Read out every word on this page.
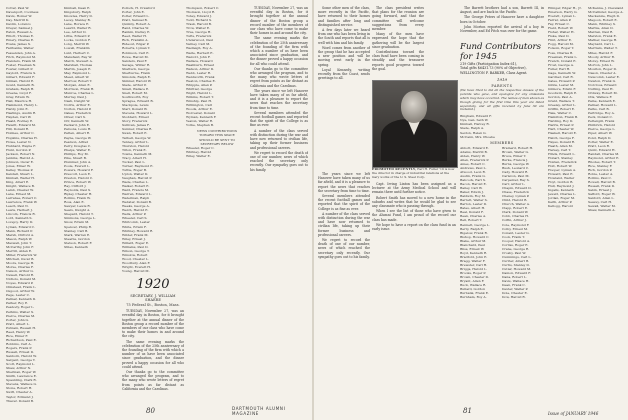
Cotter, Paul W.
Davenport, Coolness
Davis, Homer W.
Day, Merritt K.
Devlin, Lorenzo
Dreyer, Samuel J.
Eaton, Russell A.
Elliott, Thomas E.
Emery, Charles E.
Evans, James S.
Fairbanks, Walter
Fessenden, John A.
Fitch, Raymond M.
Flanders, Frank M.
Foster, Freeman N.
Fowler, Gilbert P.
Gaylord, Francis S.
Gilbert, Edward F.
Gilman, Harold E.
Gould, Kenneth B.
Graham, Ralph H.
Greene, Lloyd F.
Gray, Edwin W.
Hall, Maurice H.
Hammond, Henry L.
Hardy, John E.
Hastings, Austin R.
Hayden, Carl W.
Heald, Rodney E.
Hewitt, Edward M.
Hill, Donald R.
Holmes, Arthur C.
Hopkins, Charles H.
Howe, Lester N.
Hubbard, Wayne F.
Hunt, Gordon P.
Jackson, Robert N.
Jenkins, Harold A.
Johnson, Oscar E.
Jones, Elmer W.
Kelley, Thomas P.
Kendall, Stuart L.
Kimball, Walter H.
King, Albert E.
Knight, Wallace B.
Lamb, Chester W.
Lane, Ernest M.
Larrabee, Robert C.
Lawrence, Frank W.
Leach, Paul N.
Lewis, Herbert J.
Lincoln, Francis R.
Lord, Kenneth S.
Lovejoy, Harry D.
Lyman, Edward C.
Mann, Richard P.
Marsh, Clifford A.
Mason, Ralph W.
Maxwell, John T.
McCarthy, John F.
Merrill, Alden E.
Miller, Frederick W.
Mitchell, Oscar B.
Moore, George H.
Morse, Charles F.
Nelson, Arthur G.
Newell, Harold R.
Nichols, Donald M.
Noyes, Edward P.
Olmstead, Frank L.
Osgood, Arthur W.
Page, Lester C.
Palmer, Kenneth D.
Parker, Roy E.
Peabody, Roger L.
Perkins, Walter S.
Pierce, Charles M.
Porter, John G.
Pratt, Albert L.
Putnam, Russell H.
Reed, Henry W.
Rice, Elmer F.
Richardson, Paul E.
Robbins, Carl A.
Rogers, Frank P.
Russell, Ernest D.
Sanborn, Harold W.
Sargent, George T.
Scott, Raymond L.
Shaw, Arthur N.
Sherman, Roger W.
Smith, Lawrence E.
Spaulding, Clark R.
Stevens, Wallace G.
Stone, Robert H.
Swift, Chester A.
Taylor, Edmund J.
Thayer, Donald B.
Kimball, Dean E.
Kingsbury, Ralph
Knowles, Harry D.
Lacey, Stanley B.
Lane, Horace E.
Leavitt, Walter R.
Lee, Arthur D.
Little, Edward P.
Locke, Gordon F.
Long, Merrill W.
Lowell, Franklin
Lunt, Herbert C.
Mansfield, Ray W.
March, Stewart A.
Marshall, Thomas
Martin, Joseph E.
May, Raymond L.
Mead, Albert W.
Merrow, Robert T.
Morgan, Allen E.
Morrison, Frank H.
Munroe, Charles L.
Murray, Paul J.
Nash, Dwight W.
Norris, Arthur E.
Norton, Harold P.
Oakes, Frederick
Oliver, Carl S.
Orr, Kenneth W.
Packard, John E.
Parsons, Louis H.
Patten, Albert R.
Payne, George W.
Pearson, Alfred
Perry, Douglas C.
Phelps, Walter E.
Phillips, Roy M.
Pike, Stuart B.
Plummer, John A.
Poole, Everett L.
Powers, Howard F.
Prescott, Leon E.
Preston, Harold C.
Prince, Robert W.
Ray, Clifford J.
Reynolds, Paul S.
Ripley, Chester H.
Rollins, Frank W.
Ross, Alan E.
Sawyer, Lewis R.
Sears, Dwight A.
Shepard, Harold T.
Simmons, George L.
Snow, Edwin M.
Spencer, Philip R.
Stanley, Carl B.
Stark, Warren E.
Stearns, Gordon
Stetson, Robert F.
Stiles, Kenneth
Pollock, H. Crawford
Porter, John E.
Potter, Edward L.
Pratt, Samuel B.
Quimby, Robert A.
Rand, Charles W.
Rankin, Dudley E.
Reed, Walter H.
Rich, Franklin A.
Rideout, Edgar P.
Roberts, Lyman T.
Robinson, Carl E.
Rowe, Harold M.
Sanders, Paul F.
Savage, Wilbur R.
Shattuck, George
Sherburne, Frank
Simonds, Ralph E.
Skinner, Harold W.
Slade, Arthur P.
Small, Wallace E.
Snell, Robert M.
Southworth, Roy
Sprague, Edward B.
Stackpole, Lewis
Starr, Donald W.
Stevens, Howard L.
Stoddard, Ernest
Story, Frederick
Sullivan, James F.
Sumner, Charles R.
Swan, Robert E.
Tarbell, George W.
Tenney, Arthur L.
Thurston, Harold
Tilton, Frank E.
Towne, Kenneth M.
Tracy, Albert H.
Tucker, Paul L.
Turner, Raymond E.
Tuttle, Roger B.
Upton, Walter D.
Vaughan, Harold P.
Wade, Charles L.
Walker, Robert E.
Ward, Francis M.
Warren, Edward L.
Waterman, Ralph
Webster, Donald B.
Weeks, George A.
Welch, Harold E.
Wells, Arthur P.
Wheeler, Carl S.
Whitcomb, Lester
White, Edwin F.
Whitney, Howard R.
Wilder, Frank M.
Wiley, Ernest J.
Willard, Roger E.
Williams, Paul D.
Wilson, George T.
Winslow, Robert
Wood, Chester L.
Woodbury, Alan F.
Wright, Everett H.
Young, Harold M.
1920
SECRETARY, J. WILLIAM SHAERE
75 Federal St., Boston, Mass.

TUESDAY, November 27, was an eventful day in Boston, for it brought together at the annual dinner of the Boston group a record number of the members of our class who have come to make their homes in and around the city.

The same evening marks the celebration of the 25th anniversary of the founding of the firm with which a number of us have been associated since graduation, and the dinner proved a happy occasion for all who could attend.

Our thanks go to the committee who arranged the program, and to the many who wrote letters of regret from points as far distant as California and the Carolinas.

Thompson, Robert C.
Thomson, Lloyd R.
Tobey, Edward J.
Todd, Richard S.
Trask, Harold B.
Trow, Walter E.
True, George H.
Tufts, Frederick
Underwood, Paul
Varney, Carl M.
Wadleigh, Roy A.
Waite, Herbert E.
Walcott, John F.
Wallace, Howard
Washburn, Ernest
Watson, Arthur D.
Webb, Lester R.
Wentworth, Frank
Weston, Charles E.
Whipple, Allen P.
Whittier, George
Wight, Harold L.
Wilkins, Robert T.
Winship, Paul H.
Withington, Carl
Woods, Arthur E.
Worcester, Donald
Wyman, Kenneth F.
Yeaton, Walter R.
Yorke, Stephen B.
NEWS CONTRIBUTIONS
TOWARD THIS SPACE
SHOULD BE SENT TO
SECRETARY BELOW
Wheeler, Roger C.
Whitney, Harold
Wiley, Walter E.

TUESDAY, November 27, was an eventful day in Boston, for it brought together at the annual dinner of the Boston group a record number of the members of our class who have come to make their homes in and around the city.

The same evening marks the celebration of the 25th anniversary of the founding of the firm with which a number of us have been associated since graduation, and the dinner proved a happy occasion for all who could attend.

Our thanks go to the committee who arranged the program, and to the many who wrote letters of regret from points as far distant as California and the Carolinas.

The years since we left Hanover have taken many of us far afield, and it is a pleasure to report the news that reaches the secretary from time to time.

Several members attended the recent football games and reported that the spirit of the College is as fine as ever.

A number of the class served with distinction during the war and have now returned to civilian life, taking up their former business and professional careers.

We regret to record the death of one of our number, news of which reached the secretary only recently. Our sympathy goes out to his family.

80	DARTMOUTH ALUMNI MAGAZINE

Some other men of the class, more recently in the Pacific, have returned to their homes and families after long and distinguished service.

A few days later we heard from one who has been living in the South and reports that all is well with him and his family.

Word comes from another of the group that he has accepted a new position and will be moving west early in the spring.

Loyal Kennedy, writing recently from the Coast, sends greetings to all.

The class president writes that plans for the reunion are going forward, and that the committee will welcome suggestions from every member.

Many of the men have expressed the hope that the gathering will be the largest since graduation.

Contributions toward the class fund have been coming in steadily and the treasurer reports good progress toward the goal.

PROMOTED RECENTLY, Earl H. Fuller '19 is now the director in charge of industrial relations at the Gary works of the U. S. Steel Corp.

The years since we left Hanover have taken many of us far afield, and it is a pleasure to report the news that reaches the secretary from time to time.

Several members attended the recent football games and reported that the spirit of the College is as fine as ever.

A number of the class served with distinction during the war and have now returned to civilian life, taking up their former business and professional careers.

We regret to record the death of one of our number, news of which reached the secretary only recently. Our sympathy goes out to his family.

Capt. Irving Linton has been assigned as a lecturer at the Army Medical School and will remain there until further notice.

Robert Smith has moved to a new home in the suburbs and writes that he would be glad to see any classmate who is passing through.

When I see the list of those who have given to the Alumni Fund, I am proud of the record our class has made.

We hope to have a report on the class fund in an early issue.

The Barrett brothers had a son, Barrett III, in August, and are back in the Pacific.

The George Peters of Hanover have a daughter born in October.

John Morton reported the arrival of a boy in November, and Ed Fitch was over for the game.

Fund Contributors for 1945
219 Gifts (Participation Index 61),
Total gifts $6431.73 (90% of Objective),
WELLINGTON F. BARKER, Class Agent.
1919
PARENTS
(We have tried to list all the respective classes of the parents who gave, and apologize for any omissions which may have occurred. The names of men shown as though giving for the first time this year are listed separately, and all gifts received by June 30 are included.)
Bingham, Edward F.
Nye, Gen. Seth W.
Kimball, Harvey R.
Slade, Ralph A.
Sexton, Helen G.
McCann, Mrs. Phoebe
MEMBERS
Abbott, Edward E.
Adams, Merrill B.
Alden, Henry W.
Allen, Frederick P.
Ames, Robert C.
Andrews, Paul L.
Atwood, Leon R.
Austin, Frank G.
Babcock, Earl S.
Bacon, Harold E.
Bailey, Carl W.
Baker, Edwin J.
Baldwin, Roy M.
Barrett, Walter S.
Barton, Lester D.
Bates, Albert H.
Beal, Donald F.
Bean, Charles A.
Bell, Robert T.
Bennett, George L.
Berry, Ralph E.
Bigelow, Frank R.
Bishop, Howard C.
Blake, Arthur M.
Blanchard, Paul
Bliss, Ernest W.
Boyd, Kenneth R.
Bradford, John E.
Bragg, Walter F.
Brewster, Carl H.
Briggs, Harold L.
Brooks, Roger P.
Brown, Chester D.
Bryant, Allen F.
Buck, Wallace R.
Bullard, Gordon
Burbank, Frank E.
Burnham, Roy A.
Brainerd, Robert H.
Brown, Walter G.
Bruce, Elmer T.
Burke, Francis J.
Burns, George W.
Bush, Leonard C.
Cady, Howard R.
Carleton, Paul M.
Carpenter, Ray S.
Carr, Arthur L.
Chapin, Edward D.
Chase, Frederick
Cheney, Lyman P.
Child, Harold B.
Church, Walter A.
Clapp, Robert E.
Clark, Donald W.
Cobb, Charles H.
Coffin, Arthur J.
Cole, Raymond F.
Colby, Ernest M.
Conant, Lester G.
Cook, Frank T.
Cooper, Harold A.
Corliss, Roger E.
Crane, George R.
Crosby, Paul W.
Cummings, Carl L.
Currier, Albert B.
Curtis, Stanley D.
Cutler, Howard M.
Damon, Edward F.
Dana, Robert L.
Davis, Wallace H.
Dean, Frank C.
Dexter, Walter P.
Dole, Chester E.
Dow, Harold R.
Ellinger, Edgar H., Jr.
Emerson, Harry G.
Everett, Lyman L.
Farrar, Allen P.
Fay, Ernest C.
Field, Robert W.
Fisher, Walter H.
Fiske, Paul D.
Flint, Arthur E.
Fogg, Harold M.
Folsom, Roger T.
Foss, Charles B.
Freeman, Frank L.
French, Donald E.
Frost, George A.
Fuller, Earl H.
Gage, Kenneth W.
Gardner, Carl R.
Gates, Howard P.
Gibbs, Lester M.
Gilmore, Edwin F.
Goodwin, Ralph E.
Gordon, Paul A.
Grant, Wallace T.
Greeley, Arthur L.
Griffin, Robert E.
Hale, Walter C.
Hamilton, Frank B.
Harding, Roy D.
Harris, Ernest P.
Hart, Chester W.
Haskell, Harold E.
Hatch, George F.
Hayes, Donald R.
Heath, Allen M.
Hersey, Carl T.
Hinds, Edward L.
Hobart, Stanley
Holden, Frederick
Holt, Robert W.
Hooper, Lyman A.
Howard, Paul E.
Howland, Walter
Hoyt, Gordon B.
Hull, Raymond J.
Ingalls, Kenneth
Jewett, Charles L.
Jordan, Roger M.
Keith, Arthur P.
Kellogg, Harold
McKenna, J. Cleveland
McCallister, George A.
Mackenzie, Hugh D.
Magoon, Robert E.
Mann, Whitney S.
Marble, Allen D.
Marden, Paul R.
Marston, Frank E.
Mather, George H.
Maynard, Carl L.
Merriam, Walter T.
Miles, Harold F.
Moody, Arthur R.
Morey, Ernest W.
Morton, John L.
Moulton, Roger D.
Nason, Chester A.
Newcomb, Lester E.
Newton, Frank G.
Norcross, Edward
Nutting, Paul H.
Ordway, Robert M.
Otis, Wallace F.
Paine, Kenneth E.
Palmer, Howard L.
Parks, Carl B.
Partridge, Roy A.
Peck, Donald C.
Pettengill, Frank
Philbrick, Harold
Pierce, George L.
Piper, Albert W.
Pond, Ralph D.
Potter, Walter E.
Pratt, Leon R.
Quint, Edward H.
Randall, Charles M.
Raymond, Arthur E.
Rhodes, Robert T.
Rice, Stanley F.
Rich, Gordon P.
Robie, Lester A.
Rollins, Paul C.
Rowell, Harold B.
Russell, Frank D.
Sabin, Ernest J.
Safford, Roger W.
Sanford, Allen L.
Seavey, Carl H.
Sewall, Walter M.
Shaw, Kenneth A.
81	Issue of JANUARY 1946
